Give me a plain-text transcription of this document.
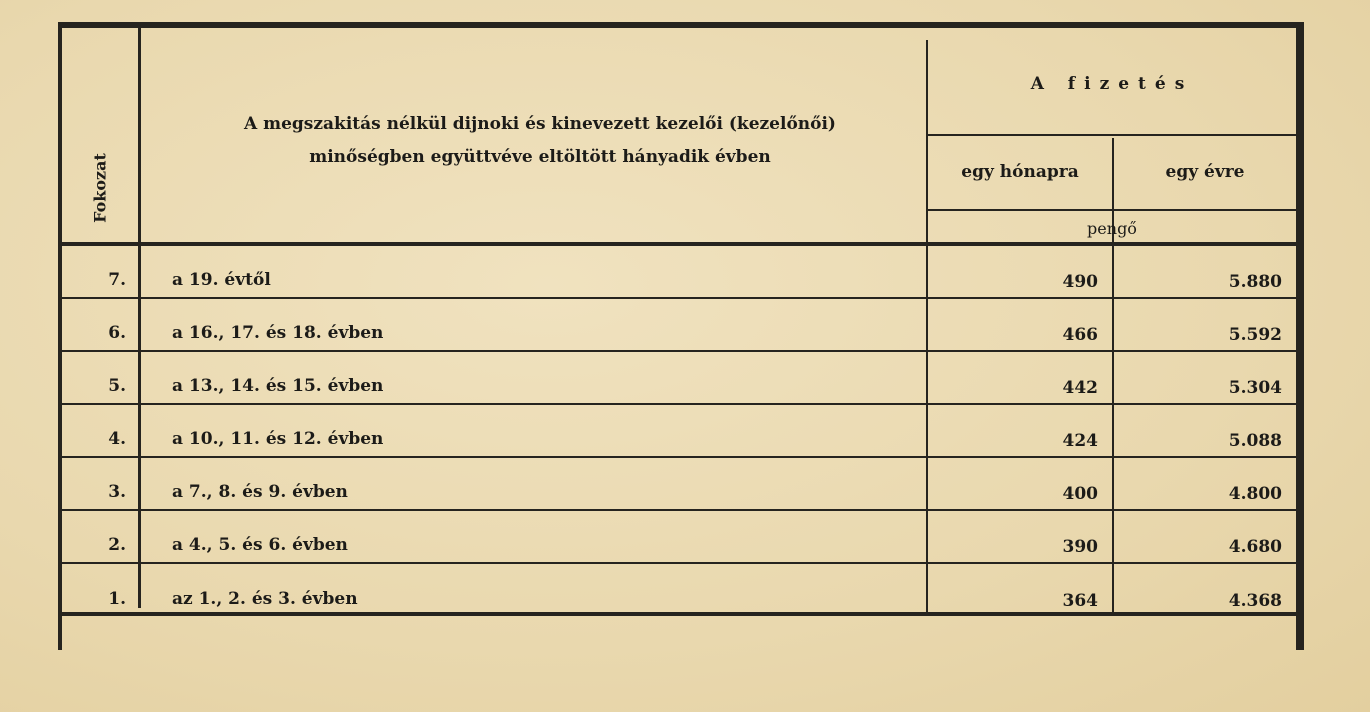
Fokozat
A megszakitás nélkül dijnoki és kinevezett kezelői (kezelőnői)
minőségben együttvéve eltöltött hányadik évben
A fizetés
egy hónapra	egy évre
pengő
7.	a 19. évtől	490	5.880
6.	a 16., 17. és 18. évben	466	5.592
5.	a 13., 14. és 15. évben	442	5.304
4.	a 10., 11. és 12. évben	424	5.088
3.	a 7., 8. és 9. évben	400	4.800
2.	a 4., 5. és 6. évben	390	4.680
1.	az 1., 2. és 3. évben	364	4.368
